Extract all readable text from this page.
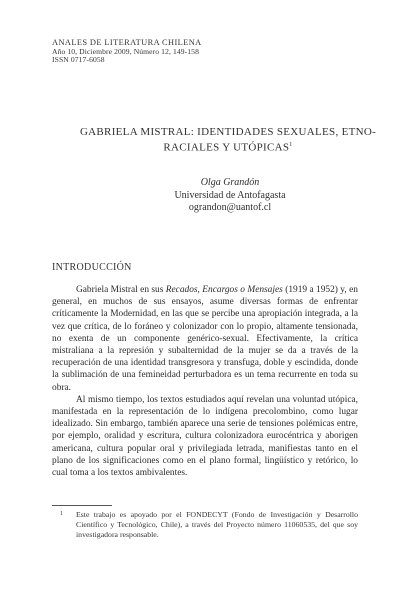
ANALES DE LITERATURA CHILENA
Año 10, Diciembre 2009, Número 12, 149-158
ISSN 0717-6058
GABRIELA MISTRAL: IDENTIDADES SEXUALES, ETNO-RACIALES Y UTÓPICAS$^1$
Olga Grandón
Universidad de Antofagasta
ograndon@uantof.cl
INTRODUCCIÓN

Gabriela Mistral en sus Recados, Encargos o Mensajes (1919 a 1952) y, en general, en muchos de sus ensayos, asume diversas formas de enfrentar críticamente la Modernidad, en las que se percibe una apropiación integrada, a la vez que crítica, de lo foráneo y colonizador con lo propio, altamente tensionada, no exenta de un componente genérico-sexual. Efectivamente, la crítica mistraliana a la represión y subalternidad de la mujer se da a través de la recuperación de una identidad transgresora y transfuga, doble y escindida, donde la sublimación de una femineidad perturbadora es un tema recurrente en toda su obra.

Al mismo tiempo, los textos estudiados aquí revelan una voluntad utópica, manifestada en la representación de lo indígena precolombino, como lugar idealizado. Sin embargo, también aparece una serie de tensiones polémicas entre, por ejemplo, oralidad y escritura, cultura colonizadora eurocéntrica y aborigen americana, cultura popular oral y privilegiada letrada, manifiestas tanto en el plano de los significaciones como en el plano formal, lingüístico y retórico, lo cual toma a los textos ambivalentes.

1	Este trabajo es apoyado por el FONDECYT (Fondo de Investigación y Desarrollo Científico y Tecnológico, Chile), a través del Proyecto número 11060535, del que soy investigadora responsable.
